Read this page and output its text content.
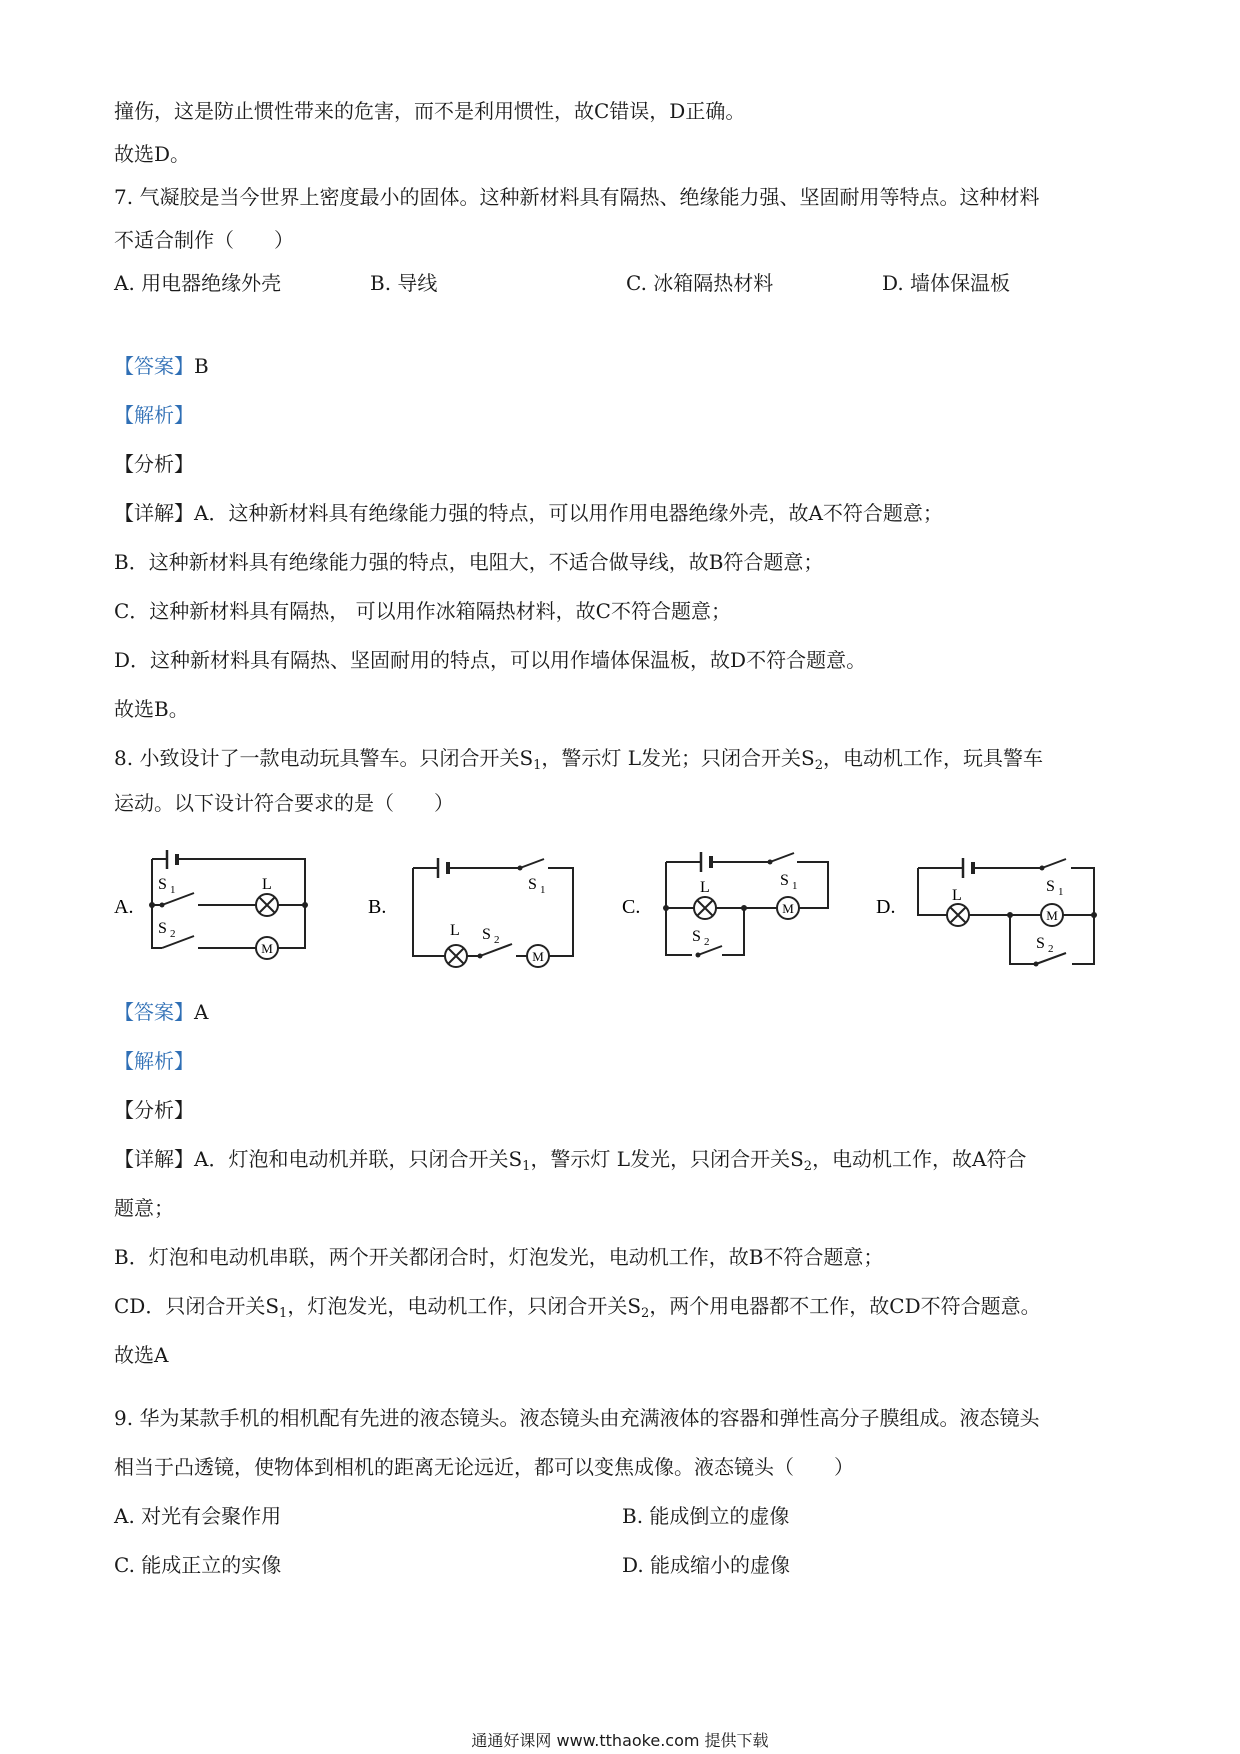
撞伤，这是防止惯性带来的危害，而不是利用惯性，故C错误，D正确。
故选D。
7. 气凝胶是当今世界上密度最小的固体。这种新材料具有隔热、绝缘能力强、坚固耐用等特点。这种材料
不适合制作（　　）
A. 用电器绝缘外壳	B. 导线	C. 冰箱隔热材料	D. 墙体保温板
【答案】B
【解析】
【分析】
【详解】A．这种新材料具有绝缘能力强的特点，可以用作用电器绝缘外壳，故A不符合题意；
B．这种新材料具有绝缘能力强的特点，电阻大，不适合做导线，故B符合题意；
C．这种新材料具有隔热， 可以用作冰箱隔热材料，故C不符合题意；
D．这种新材料具有隔热、坚固耐用的特点，可以用作墙体保温板，故D不符合题意。
故选B。
8. 小致设计了一款电动玩具警车。只闭合开关$S_1$，警示灯 L发光；只闭合开关$S_2$，电动机工作，玩具警车
运动。以下设计符合要求的是（　　）
M
L
S 1
S 2
A.
M
L S 2
S 1
B.	M
L
S 2
S 1
C.	M
L
S 2
S 1
D.
【答案】A
【解析】
【分析】
【详解】A．灯泡和电动机并联，只闭合开关$S_1$，警示灯 L发光，只闭合开关$S_2$，电动机工作，故A符合
题意；
B．灯泡和电动机串联，两个开关都闭合时，灯泡发光，电动机工作，故B不符合题意；
CD．只闭合开关$S_1$，灯泡发光，电动机工作，只闭合开关$S_2$，两个用电器都不工作，故CD不符合题意。
故选A
9. 华为某款手机的相机配有先进的液态镜头。液态镜头由充满液体的容器和弹性高分子膜组成。液态镜头
相当于凸透镜，使物体到相机的距离无论远近，都可以变焦成像。液态镜头（　　）
A. 对光有会聚作用	B. 能成倒立的虚像
C. 能成正立的实像	D. 能成缩小的虚像
通通好课网 www.tthaoke.com 提供下载
